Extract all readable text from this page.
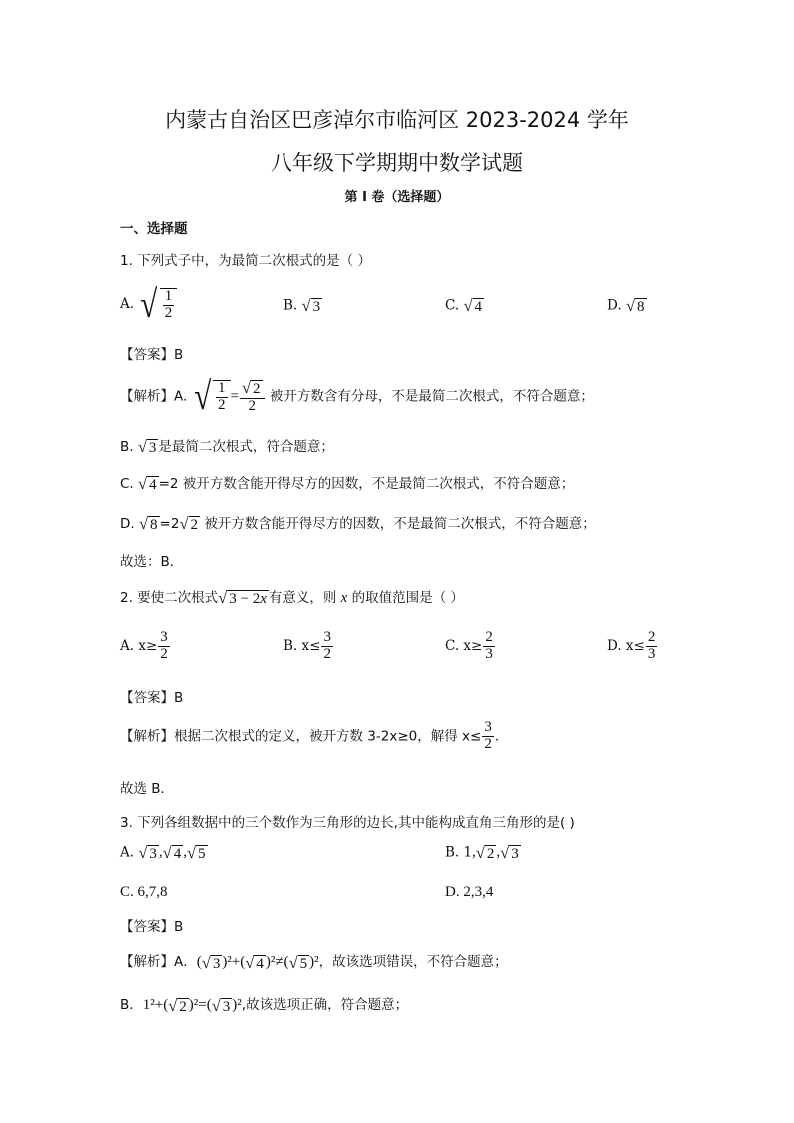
内蒙古自治区巴彦淖尔市临河区 2023-2024 学年
八年级下学期期中数学试题
第 I 卷（选择题）
一、选择题
1. 下列式子中，为最简二次根式的是（ ）
A. √ $\frac{1}{2}$	B. √ 3	C. √ 4	D. √ 8
【答案】B
【解析】A. √ $\frac{1}{2} = \frac{√ 2}{2}$ 被开方数含有分母，不是最简二次根式，不符合题意；
B. √ 3 是最简二次根式，符合题意；
C. √ 4 =2 被开方数含能开得尽方的因数，不是最简二次根式，不符合题意；
D. √ 8 =2√ 2 被开方数含能开得尽方的因数，不是最简二次根式，不符合题意；
故选：B．
2. 要使二次根式√ 3 − 2x 有意义，则 x 的取值范围是（ ）
A. $x\ge \frac{3}{2}$	B. $x\le \frac{3}{2}$	C. $x\ge \frac{2}{3}$	D. $x\le \frac{2}{3}$
【答案】B
【解析】根据二次根式的定义，被开方数 3-2x≥0，解得 $x\le \frac{3}{2}$ ．
故选 B．
3. 下列各组数据中的三个数作为三角形的边长,其中能构成直角三角形的是( )
A. √ 3 ,√ 4 ,√ 5	B. 1,√ 2 ,√ 3
C. 6,7,8	D. 2,3,4
【答案】B
【解析】A．(√ 3 )²+(√ 4 )²≠(√ 5 )²，故该选项错误，不符合题意；
B．1²+(√ 2 )²=(√ 3 )²,故该选项正确，符合题意；
